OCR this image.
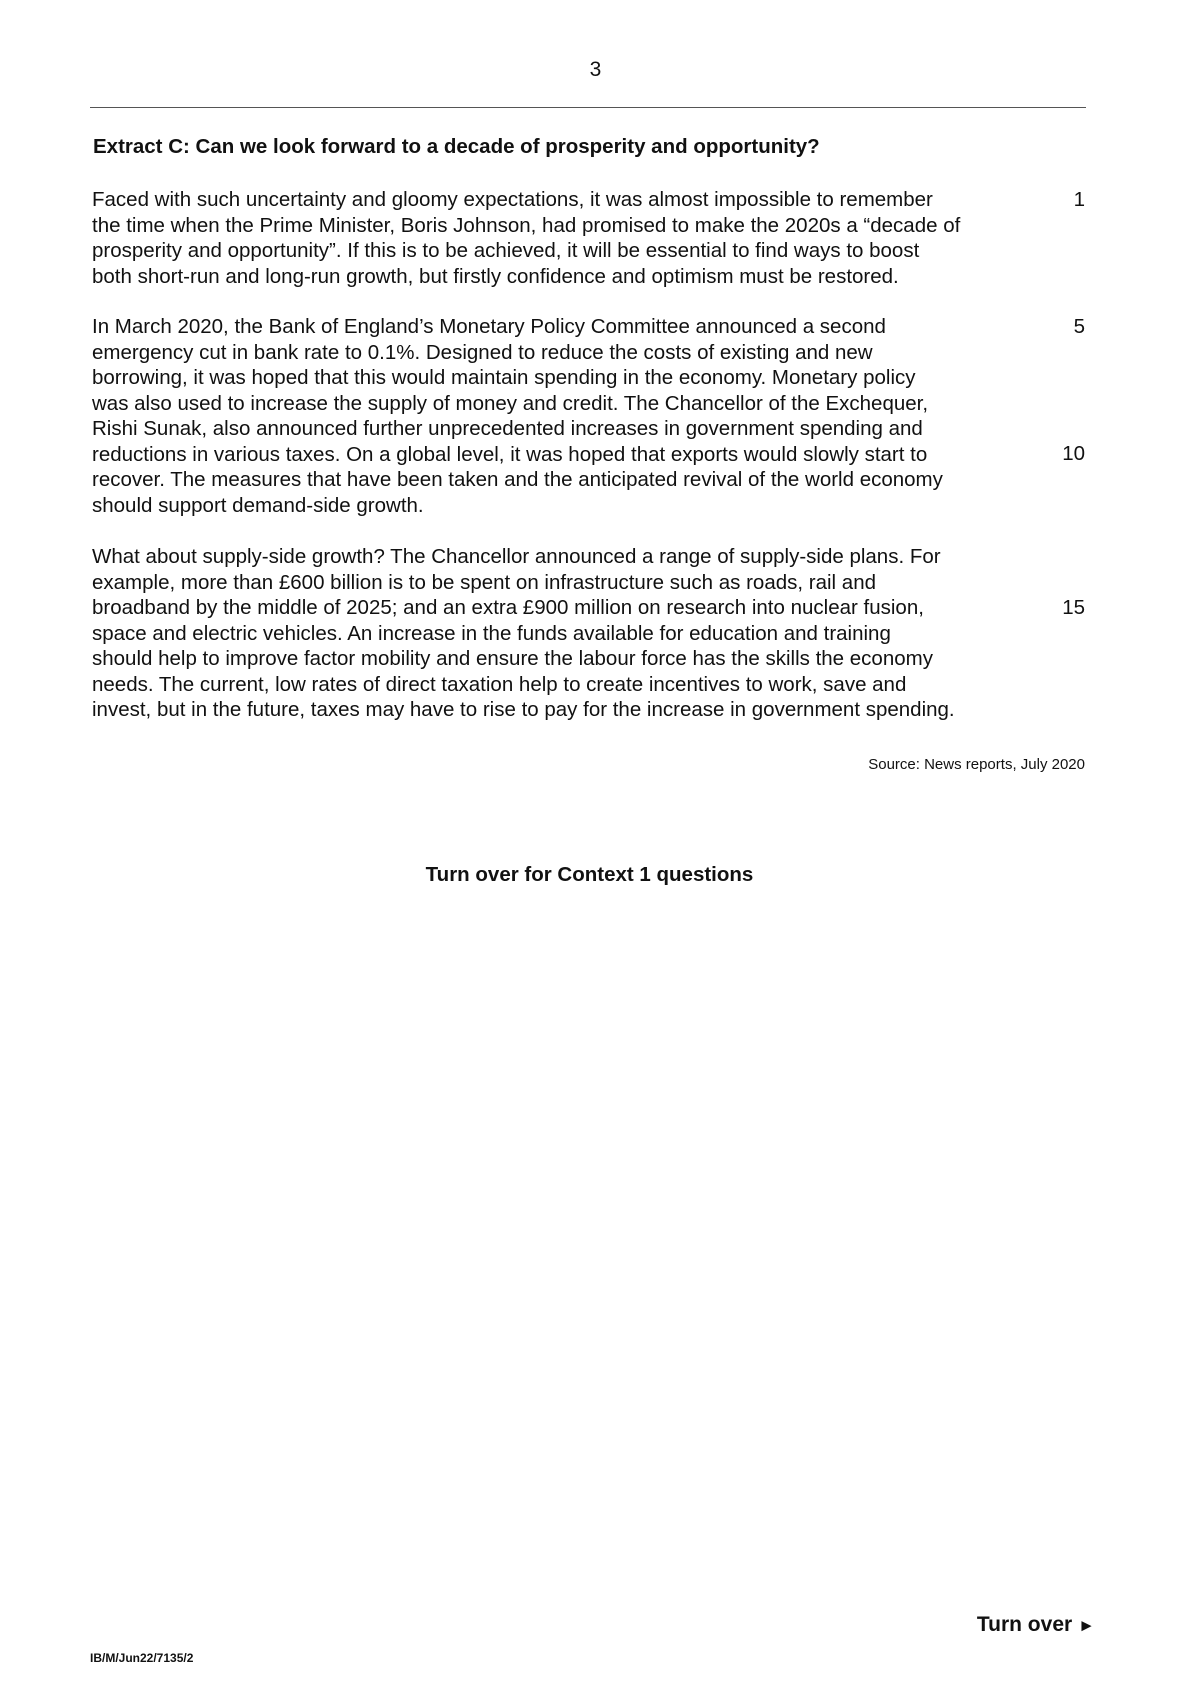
3
Extract C: Can we look forward to a decade of prosperity and opportunity?
Faced with such uncertainty and gloomy expectations, it was almost impossible to remember
the time when the Prime Minister, Boris Johnson, had promised to make the 2020s a “decade of
prosperity and opportunity”. If this is to be achieved, it will be essential to find ways to boost
both short-run and long-run growth, but firstly confidence and optimism must be restored.
In March 2020, the Bank of England’s Monetary Policy Committee announced a second
emergency cut in bank rate to 0.1%. Designed to reduce the costs of existing and new
borrowing, it was hoped that this would maintain spending in the economy. Monetary policy
was also used to increase the supply of money and credit. The Chancellor of the Exchequer,
Rishi Sunak, also announced further unprecedented increases in government spending and
reductions in various taxes. On a global level, it was hoped that exports would slowly start to
recover. The measures that have been taken and the anticipated revival of the world economy
should support demand-side growth.
What about supply-side growth? The Chancellor announced a range of supply-side plans. For
example, more than £600 billion is to be spent on infrastructure such as roads, rail and
broadband by the middle of 2025; and an extra £900 million on research into nuclear fusion,
space and electric vehicles. An increase in the funds available for education and training
should help to improve factor mobility and ensure the labour force has the skills the economy
needs. The current, low rates of direct taxation help to create incentives to work, save and
invest, but in the future, taxes may have to rise to pay for the increase in government spending.
1
5
10
15
Source: News reports, July 2020
Turn over for Context 1 questions
Turn over ►
IB/M/Jun22/7135/2
